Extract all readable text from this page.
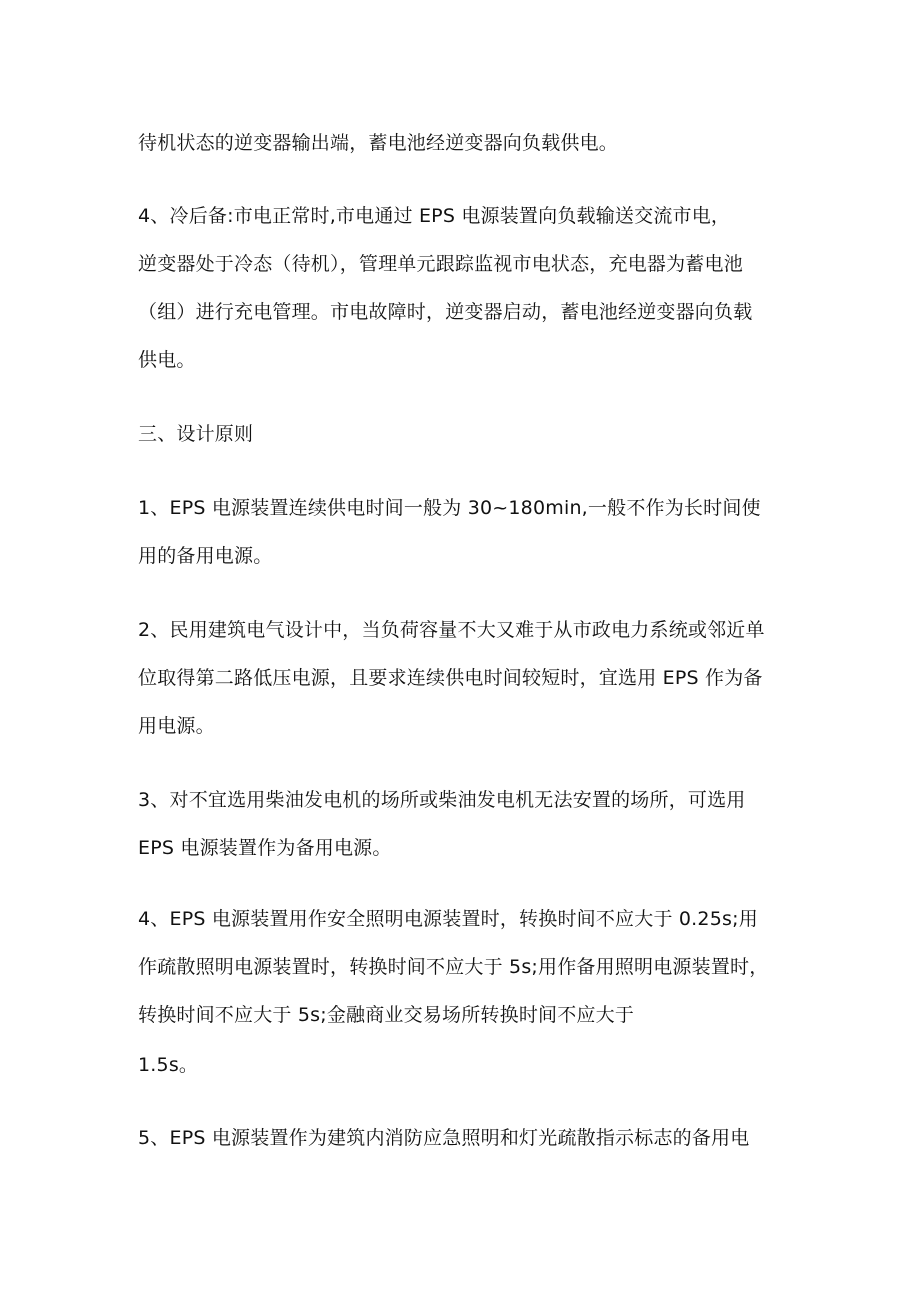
待机状态的逆变器输出端，蓄电池经逆变器向负载供电。
4、冷后备:市电正常时,市电通过 EPS 电源装置向负载输送交流市电，
逆变器处于冷态（待机），管理单元跟踪监视市电状态，充电器为蓄电池
（组）进行充电管理。市电故障时，逆变器启动，蓄电池经逆变器向负载
供电。
三、设计原则
1、EPS 电源装置连续供电时间一般为 30~180min,一般不作为长时间使
用的备用电源。
2、民用建筑电气设计中，当负荷容量不大又难于从市政电力系统或邻近单
位取得第二路低压电源，且要求连续供电时间较短时，宜选用 EPS 作为备
用电源。
3、对不宜选用柴油发电机的场所或柴油发电机无法安置的场所，可选用
EPS 电源装置作为备用电源。
4、EPS 电源装置用作安全照明电源装置时，转换时间不应大于 0.25s;用
作疏散照明电源装置时，转换时间不应大于 5s;用作备用照明电源装置时，
转换时间不应大于 5s;金融商业交易场所转换时间不应大于
1.5s。
5、EPS 电源装置作为建筑内消防应急照明和灯光疏散指示标志的备用电
